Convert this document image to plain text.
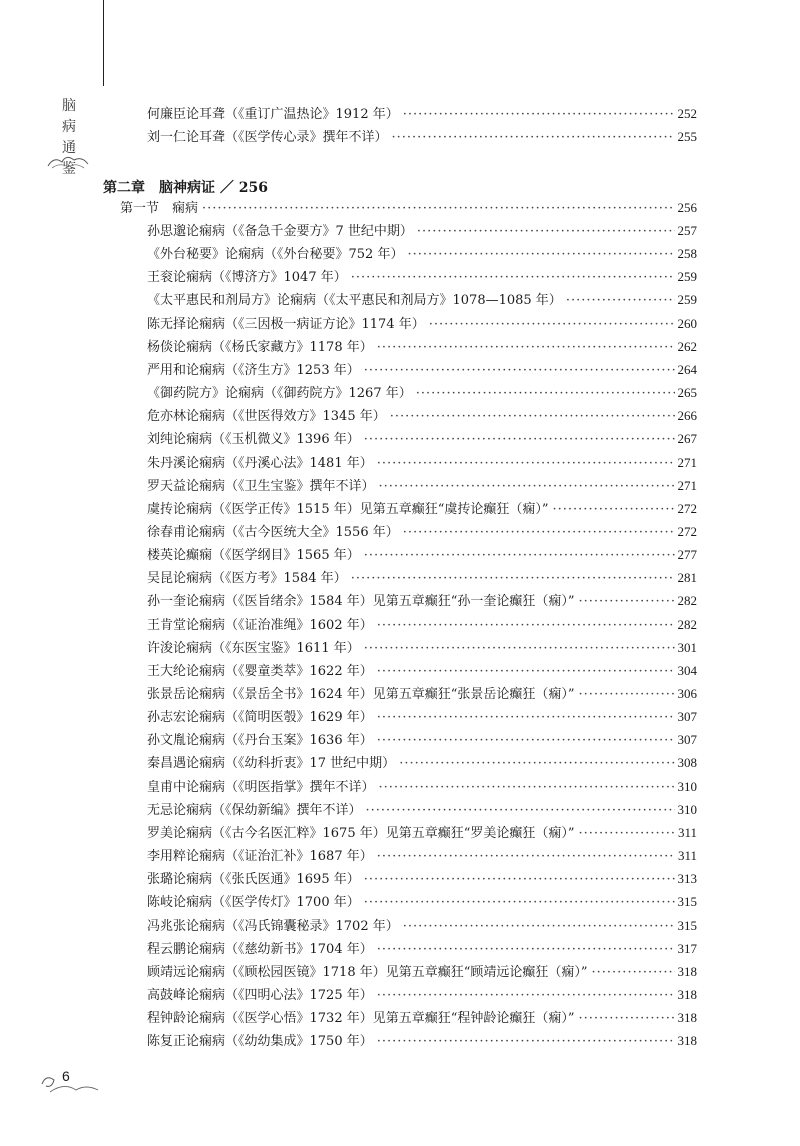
脑病通鉴
何廉臣论耳聋（《重订广温热论》1912 年） ·····	252
刘一仁论耳聋（《医学传心录》撰年不详） ·····	255
第二章　脑神病证 ／ 256
第一节　痫病 ·····	256
孙思邈论痫病（《备急千金要方》7 世纪中期） ·····	257
《外台秘要》论痫病（《外台秘要》752 年） ·····	258
王衮论痫病（《博济方》1047 年） ·····	259
《太平惠民和剂局方》论痫病（《太平惠民和剂局方》1078—1085 年） ·····	259
陈无择论痫病（《三因极一病证方论》1174 年） ·····	260
杨倓论痫病（《杨氏家藏方》1178 年） ·····	262
严用和论痫病（《济生方》1253 年） ·····	264
《御药院方》论痫病（《御药院方》1267 年） ·····	265
危亦林论痫病（《世医得效方》1345 年） ·····	266
刘纯论痫病（《玉机微义》1396 年） ·····	267
朱丹溪论痫病（《丹溪心法》1481 年） ·····	271
罗天益论痫病（《卫生宝鉴》撰年不详） ·····	271
虞抟论痫病（《医学正传》1515 年）见第五章癫狂“虞抟论癫狂（痫）” ·····	272
徐春甫论痫病（《古今医统大全》1556 年） ·····	272
楼英论癫痫（《医学纲目》1565 年） ·····	277
吴昆论痫病（《医方考》1584 年） ·····	281
孙一奎论痫病（《医旨绪余》1584 年）见第五章癫狂“孙一奎论癫狂（痫）” ·····	282
王肯堂论痫病（《证治准绳》1602 年） ·····	282
许浚论痫病（《东医宝鉴》1611 年） ·····	301
王大纶论痫病（《婴童类萃》1622 年） ·····	304
张景岳论痫病（《景岳全书》1624 年）见第五章癫狂“张景岳论癫狂（痫）” ·····	306
孙志宏论痫病（《简明医彀》1629 年） ·····	307
孙文胤论痫病（《丹台玉案》1636 年） ·····	307
秦昌遇论痫病（《幼科折衷》17 世纪中期） ·····	308
皇甫中论痫病（《明医指掌》撰年不详） ·····	310
无忌论痫病（《保幼新编》撰年不详） ·····	310
罗美论痫病（《古今名医汇粹》1675 年）见第五章癫狂“罗美论癫狂（痫）” ·····	311
李用粹论痫病（《证治汇补》1687 年） ·····	311
张璐论痫病（《张氏医通》1695 年） ·····	313
陈岐论痫病（《医学传灯》1700 年） ·····	315
冯兆张论痫病（《冯氏锦囊秘录》1702 年） ·····	315
程云鹏论痫病（《慈幼新书》1704 年） ·····	317
顾靖远论痫病（《顾松园医镜》1718 年）见第五章癫狂“顾靖远论癫狂（痫）” ·····	318
高鼓峰论痫病（《四明心法》1725 年） ·····	318
程钟龄论痫病（《医学心悟》1732 年）见第五章癫狂“程钟龄论癫狂（痫）” ·····	318
陈复正论痫病（《幼幼集成》1750 年） ·····	318
6
